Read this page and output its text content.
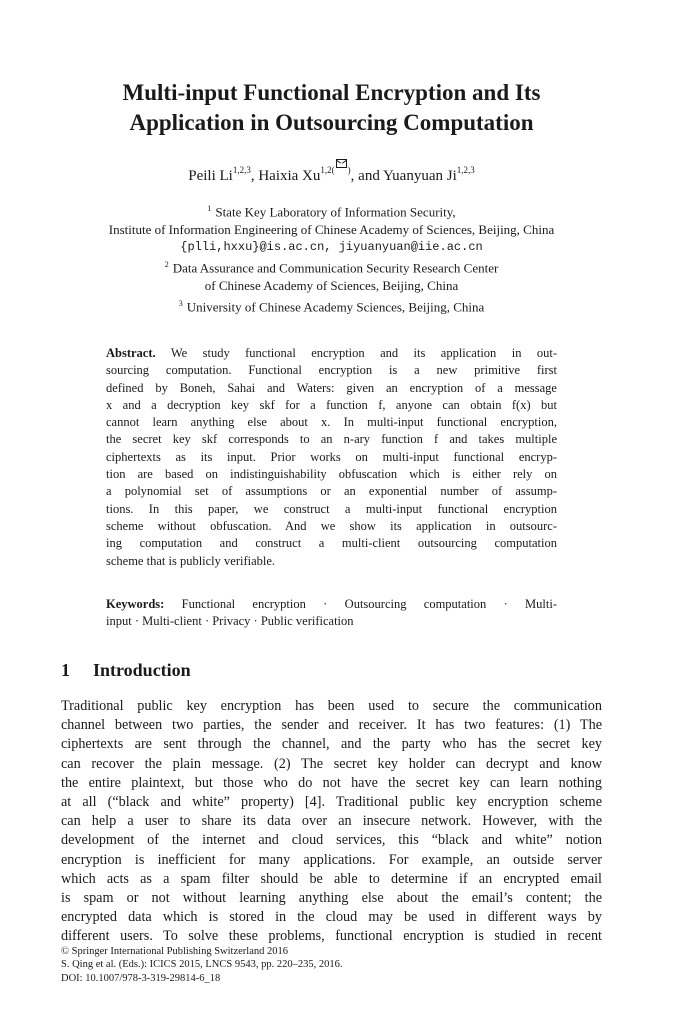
Multi-input Functional Encryption and Its
Application in Outsourcing Computation
Peili Li$^{1,2,3}$, Haixia $Xu^{1,2( )}$, and Yuanyuan Ji$^{1,2,3}$
$^1$ State Key Laboratory of Information Security,
Institute of Information Engineering of Chinese Academy of Sciences, Beijing, China
{plli,hxxu}@is.ac.cn, jiyuanyuan@iie.ac.cn
$^2$ Data Assurance and Communication Security Research Center
of Chinese Academy of Sciences, Beijing, China
$^3$ University of Chinese Academy Sciences, Beijing, China
Abstract. We study functional encryption and its application in out-
sourcing computation. Functional encryption is a new primitive first
defined by Boneh, Sahai and Waters: given an encryption of a message
x and a decryption key skf for a function f, anyone can obtain f(x) but
cannot learn anything else about x. In multi-input functional encryption,
the secret key skf corresponds to an n-ary function f and takes multiple
ciphertexts as its input. Prior works on multi-input functional encryp-
tion are based on indistinguishability obfuscation which is either rely on
a polynomial set of assumptions or an exponential number of assump-
tions. In this paper, we construct a multi-input functional encryption
scheme without obfuscation. And we show its application in outsourc-
ing computation and construct a multi-client outsourcing computation
scheme that is publicly verifiable.
Keywords: Functional encryption · Outsourcing computation · Multi-
input · Multi-client · Privacy · Public verification
1 Introduction
Traditional public key encryption has been used to secure the communication
channel between two parties, the sender and receiver. It has two features: (1) The
ciphertexts are sent through the channel, and the party who has the secret key
can recover the plain message. (2) The secret key holder can decrypt and know
the entire plaintext, but those who do not have the secret key can learn nothing
at all (“black and white” property) [4]. Traditional public key encryption scheme
can help a user to share its data over an insecure network. However, with the
development of the internet and cloud services, this “black and white” notion
encryption is inefficient for many applications. For example, an outside server
which acts as a spam filter should be able to determine if an encrypted email
is spam or not without learning anything else about the email’s content; the
encrypted data which is stored in the cloud may be used in different ways by
different users. To solve these problems, functional encryption is studied in recent
© Springer International Publishing Switzerland 2016
S. Qing et al. (Eds.): ICICS 2015, LNCS 9543, pp. 220–235, 2016.
DOI: 10.1007/978-3-319-29814-6_18
